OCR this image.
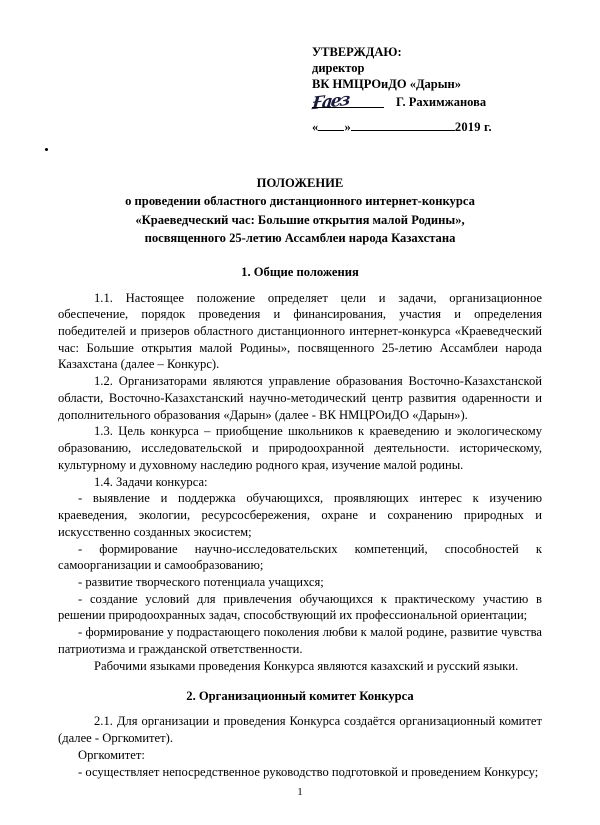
УТВЕРЖДАЮ:
директор
ВК НМЦРОиДО «Дарын»
Ғаез	Г. Рахимжанова
« »	2019 г.
ПОЛОЖЕНИЕ
о проведении областного дистанционного интернет-конкурса
«Краеведческий час: Большие открытия малой Родины»,
посвященного 25-летию Ассамблеи народа Казахстана
1. Общие положения

1.1. Настоящее положение определяет цели и задачи, организационное обеспечение, порядок проведения и финансирования, участия и определения победителей и призеров областного дистанционного интернет-конкурса «Краеведческий час: Большие открытия малой Родины», посвященного 25-летию Ассамблеи народа Казахстана (далее – Конкурс).

1.2. Организаторами являются управление образования Восточно-Казахстанской области, Восточно-Казахстанский научно-методический центр развития одаренности и дополнительного образования «Дарын» (далее - ВК НМЦРОиДО «Дарын»).

1.3. Цель конкурса – приобщение школьников к краеведению и экологическому образованию, исследовательской и природоохранной деятельности. историческому, культурному и духовному наследию родного края, изучение малой родины.

1.4. Задачи конкурса:

- выявление и поддержка обучающихся, проявляющих интерес к изучению краеведения, экологии, ресурсосбережения, охране и сохранению природных и искусственно созданных экосистем;

- формирование научно-исследовательских компетенций, способностей к самоорганизации и самообразованию;

- развитие творческого потенциала учащихся;

- создание условий для привлечения обучающихся к практическому участию в решении природоохранных задач, способствующий их профессиональной ориентации;

- формирование у подрастающего поколения любви к малой родине, развитие чувства патриотизма и гражданской ответственности.

Рабочими языками проведения Конкурса являются казахский и русский языки.

2. Организационный комитет Конкурса

2.1. Для организации и проведения Конкурса создаётся организационный комитет (далее - Оргкомитет).

Оргкомитет:

- осуществляет непосредственное руководство подготовкой и проведением Конкурсу;

1
